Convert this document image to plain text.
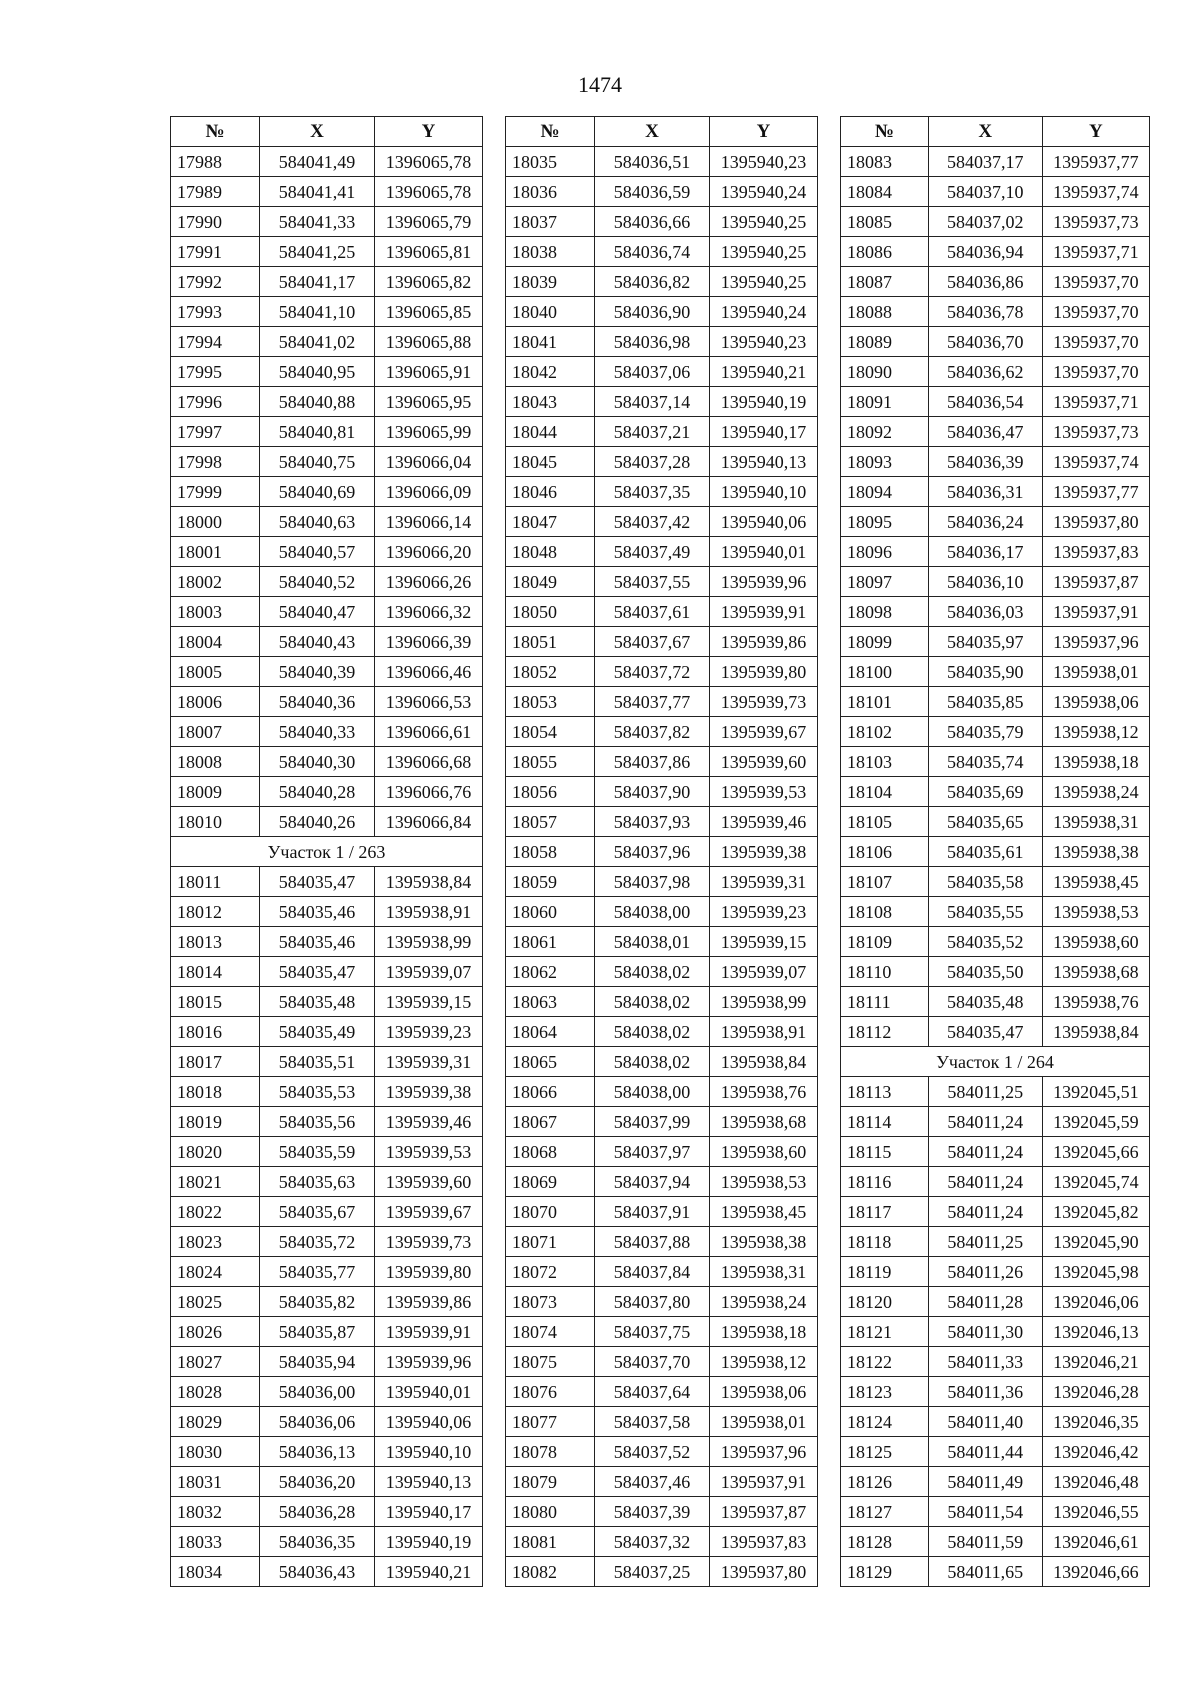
1474
№	X	Y
17988	584041,49	1396065,78
17989	584041,41	1396065,78
17990	584041,33	1396065,79
17991	584041,25	1396065,81
17992	584041,17	1396065,82
17993	584041,10	1396065,85
17994	584041,02	1396065,88
17995	584040,95	1396065,91
17996	584040,88	1396065,95
17997	584040,81	1396065,99
17998	584040,75	1396066,04
17999	584040,69	1396066,09
18000	584040,63	1396066,14
18001	584040,57	1396066,20
18002	584040,52	1396066,26
18003	584040,47	1396066,32
18004	584040,43	1396066,39
18005	584040,39	1396066,46
18006	584040,36	1396066,53
18007	584040,33	1396066,61
18008	584040,30	1396066,68
18009	584040,28	1396066,76
18010	584040,26	1396066,84
Участок 1 / 263		
18011	584035,47	1395938,84
18012	584035,46	1395938,91
18013	584035,46	1395938,99
18014	584035,47	1395939,07
18015	584035,48	1395939,15
18016	584035,49	1395939,23
18017	584035,51	1395939,31
18018	584035,53	1395939,38
18019	584035,56	1395939,46
18020	584035,59	1395939,53
18021	584035,63	1395939,60
18022	584035,67	1395939,67
18023	584035,72	1395939,73
18024	584035,77	1395939,80
18025	584035,82	1395939,86
18026	584035,87	1395939,91
18027	584035,94	1395939,96
18028	584036,00	1395940,01
18029	584036,06	1395940,06
18030	584036,13	1395940,10
18031	584036,20	1395940,13
18032	584036,28	1395940,17
18033	584036,35	1395940,19
18034	584036,43	1395940,21
№	X	Y
18035	584036,51	1395940,23
18036	584036,59	1395940,24
18037	584036,66	1395940,25
18038	584036,74	1395940,25
18039	584036,82	1395940,25
18040	584036,90	1395940,24
18041	584036,98	1395940,23
18042	584037,06	1395940,21
18043	584037,14	1395940,19
18044	584037,21	1395940,17
18045	584037,28	1395940,13
18046	584037,35	1395940,10
18047	584037,42	1395940,06
18048	584037,49	1395940,01
18049	584037,55	1395939,96
18050	584037,61	1395939,91
18051	584037,67	1395939,86
18052	584037,72	1395939,80
18053	584037,77	1395939,73
18054	584037,82	1395939,67
18055	584037,86	1395939,60
18056	584037,90	1395939,53
18057	584037,93	1395939,46
18058	584037,96	1395939,38
18059	584037,98	1395939,31
18060	584038,00	1395939,23
18061	584038,01	1395939,15
18062	584038,02	1395939,07
18063	584038,02	1395938,99
18064	584038,02	1395938,91
18065	584038,02	1395938,84
18066	584038,00	1395938,76
18067	584037,99	1395938,68
18068	584037,97	1395938,60
18069	584037,94	1395938,53
18070	584037,91	1395938,45
18071	584037,88	1395938,38
18072	584037,84	1395938,31
18073	584037,80	1395938,24
18074	584037,75	1395938,18
18075	584037,70	1395938,12
18076	584037,64	1395938,06
18077	584037,58	1395938,01
18078	584037,52	1395937,96
18079	584037,46	1395937,91
18080	584037,39	1395937,87
18081	584037,32	1395937,83
18082	584037,25	1395937,80
№	X	Y
18083	584037,17	1395937,77
18084	584037,10	1395937,74
18085	584037,02	1395937,73
18086	584036,94	1395937,71
18087	584036,86	1395937,70
18088	584036,78	1395937,70
18089	584036,70	1395937,70
18090	584036,62	1395937,70
18091	584036,54	1395937,71
18092	584036,47	1395937,73
18093	584036,39	1395937,74
18094	584036,31	1395937,77
18095	584036,24	1395937,80
18096	584036,17	1395937,83
18097	584036,10	1395937,87
18098	584036,03	1395937,91
18099	584035,97	1395937,96
18100	584035,90	1395938,01
18101	584035,85	1395938,06
18102	584035,79	1395938,12
18103	584035,74	1395938,18
18104	584035,69	1395938,24
18105	584035,65	1395938,31
18106	584035,61	1395938,38
18107	584035,58	1395938,45
18108	584035,55	1395938,53
18109	584035,52	1395938,60
18110	584035,50	1395938,68
18111	584035,48	1395938,76
18112	584035,47	1395938,84
Участок 1 / 264		
18113	584011,25	1392045,51
18114	584011,24	1392045,59
18115	584011,24	1392045,66
18116	584011,24	1392045,74
18117	584011,24	1392045,82
18118	584011,25	1392045,90
18119	584011,26	1392045,98
18120	584011,28	1392046,06
18121	584011,30	1392046,13
18122	584011,33	1392046,21
18123	584011,36	1392046,28
18124	584011,40	1392046,35
18125	584011,44	1392046,42
18126	584011,49	1392046,48
18127	584011,54	1392046,55
18128	584011,59	1392046,61
18129	584011,65	1392046,66
